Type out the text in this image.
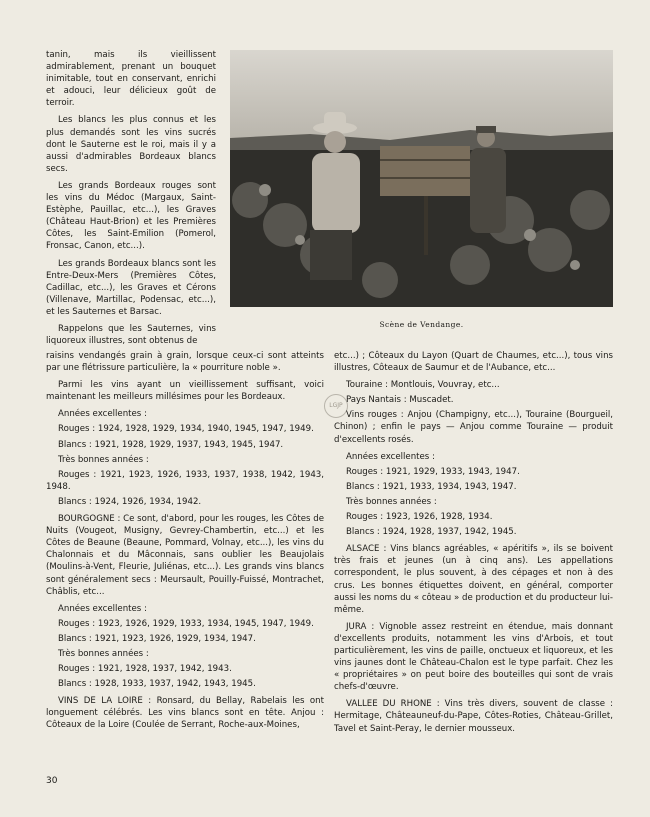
tanin, mais ils vieillissent admirablement, prenant un bouquet inimitable, tout en conservant, enrichi et adouci, leur délicieux goût de terroir.

Les blancs les plus connus et les plus demandés sont les vins sucrés dont le Sauterne est le roi, mais il y a aussi d'admirables Bordeaux blancs secs.

Les grands Bordeaux rouges sont les vins du Médoc (Margaux, Saint-Estèphe, Pauillac, etc...), les Graves (Château Haut-Brion) et les Premières Côtes, les Saint-Emilion (Pomerol, Fronsac, Canon, etc...).

Les grands Bordeaux blancs sont les Entre-Deux-Mers (Premières Côtes, Cadillac, etc...), les Graves et Cérons (Villenave, Martillac, Podensac, etc...), et les Sauternes et Barsac.

Rappelons que les Sauternes, vins liquoreux illustres, sont obtenus de

Scène de Vendange.

raisins vendangés grain à grain, lorsque ceux-ci sont atteints par une flétrissure particulière, la « pourriture noble ».

Parmi les vins ayant un vieillissement suffisant, voici maintenant les meilleurs millésimes pour les Bordeaux.

Années excellentes :

Rouges : 1924, 1928, 1929, 1934, 1940, 1945, 1947, 1949.

Blancs : 1921, 1928, 1929, 1937, 1943, 1945, 1947.

Très bonnes années :

Rouges : 1921, 1923, 1926, 1933, 1937, 1938, 1942, 1943, 1948.

Blancs : 1924, 1926, 1934, 1942.

BOURGOGNE : Ce sont, d'abord, pour les rouges, les Côtes de Nuits (Vougeot, Musigny, Gevrey-Chambertin, etc...) et les Côtes de Beaune (Beaune, Pommard, Volnay, etc...), les vins du Chalonnais et du Mâconnais, sans oublier les Beaujolais (Moulins-à-Vent, Fleurie, Juliénas, etc...). Les grands vins blancs sont généralement secs : Meursault, Pouilly-Fuissé, Montrachet, Châblis, etc...

Années excellentes :

Rouges : 1923, 1926, 1929, 1933, 1934, 1945, 1947, 1949.

Blancs : 1921, 1923, 1926, 1929, 1934, 1947.

Très bonnes années :

Rouges : 1921, 1928, 1937, 1942, 1943.

Blancs : 1928, 1933, 1937, 1942, 1943, 1945.

VINS DE LA LOIRE : Ronsard, du Bellay, Rabelais les ont longuement célébrés. Les vins blancs sont en tête. Anjou : Côteaux de la Loire (Coulée de Serrant, Roche-aux-Moines,

LGJP

etc...) ; Côteaux du Layon (Quart de Chaumes, etc...), tous vins illustres, Côteaux de Saumur et de l'Aubance, etc...

Touraine : Montlouis, Vouvray, etc...

Pays Nantais : Muscadet.

Vins rouges : Anjou (Champigny, etc...), Touraine (Bourgueil, Chinon) ; enfin le pays — Anjou comme Touraine — produit d'excellents rosés.

Années excellentes :

Rouges : 1921, 1929, 1933, 1943, 1947.

Blancs : 1921, 1933, 1934, 1943, 1947.

Très bonnes années :

Rouges : 1923, 1926, 1928, 1934.

Blancs : 1924, 1928, 1937, 1942, 1945.

ALSACE : Vins blancs agréables, « apéritifs », ils se boivent très frais et jeunes (un à cinq ans). Les appellations correspondent, le plus souvent, à des cépages et non à des crus. Les bonnes étiquettes doivent, en général, comporter aussi les noms du « côteau » de production et du producteur lui-même.

JURA : Vignoble assez restreint en étendue, mais donnant d'excellents produits, notamment les vins d'Arbois, et tout particulièrement, les vins de paille, onctueux et liquoreux, et les vins jaunes dont le Château-Chalon est le type parfait. Chez les « propriétaires » on peut boire des bouteilles qui sont de vrais chefs-d'œuvre.

VALLEE DU RHONE : Vins très divers, souvent de classe : Hermitage, Châteauneuf-du-Pape, Côtes-Roties, Château-Grillet, Tavel et Saint-Peray, le dernier mousseux.

30
